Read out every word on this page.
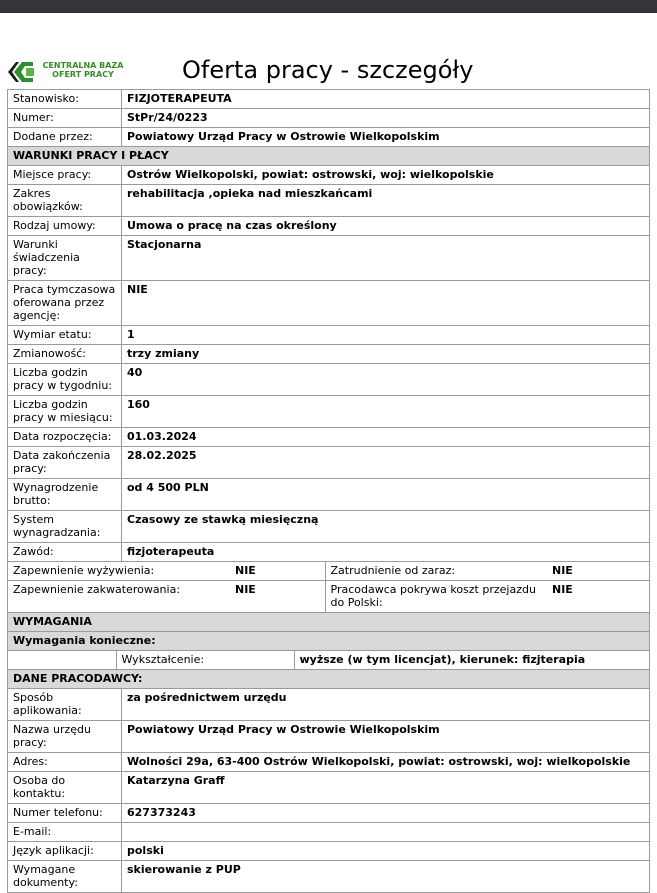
CENTRALNA BAZA
OFERT PRACY	Oferta pracy - szczegóły
Stanowisko:	FIZJOTERAPEUTA
Numer:	StPr/24/0223
Dodane przez:	Powiatowy Urząd Pracy w Ostrowie Wielkopolskim
WARUNKI PRACY I PŁACY
Miejsce pracy:	Ostrów Wielkopolski, powiat: ostrowski, woj: wielkopolskie
Zakres obowiązków:	rehabilitacja ,opieka nad mieszkańcami
Rodzaj umowy:	Umowa o pracę na czas określony
Warunki świadczenia pracy:	Stacjonarna
Praca tymczasowa oferowana przez agencję:	NIE
Wymiar etatu:	1
Zmianowość:	trzy zmiany
Liczba godzin pracy w tygodniu:	40
Liczba godzin pracy w miesiącu:	160
Data rozpoczęcia:	01.03.2024
Data zakończenia pracy:	28.02.2025
Wynagrodzenie brutto:	od 4 500 PLN
System wynagradzania:	Czasowy ze stawką miesięczną
Zawód:	fizjoterapeuta

Zapewnienie wyżywienia:	NIE	Zatrudnienie od zaraz:	NIE

Zapewnienie zakwaterowania:	NIE	Pracodawca pokrywa koszt przejazdu do Polski:	NIE

WYMAGANIA
Wymagania konieczne:

	Wykształcenie:	wyższe (w tym licencjat), kierunek: fizjterapia

DANE PRACODAWCY:
Sposób aplikowania:	za pośrednictwem urzędu
Nazwa urzędu pracy:	Powiatowy Urząd Pracy w Ostrowie Wielkopolskim
Adres:	Wolności 29a, 63-400 Ostrów Wielkopolski, powiat: ostrowski, woj: wielkopolskie
Osoba do kontaktu:	Katarzyna Graff
Numer telefonu:	627373243
E-mail:	
Język aplikacji:	polski
Wymagane dokumenty:	skierowanie z PUP
